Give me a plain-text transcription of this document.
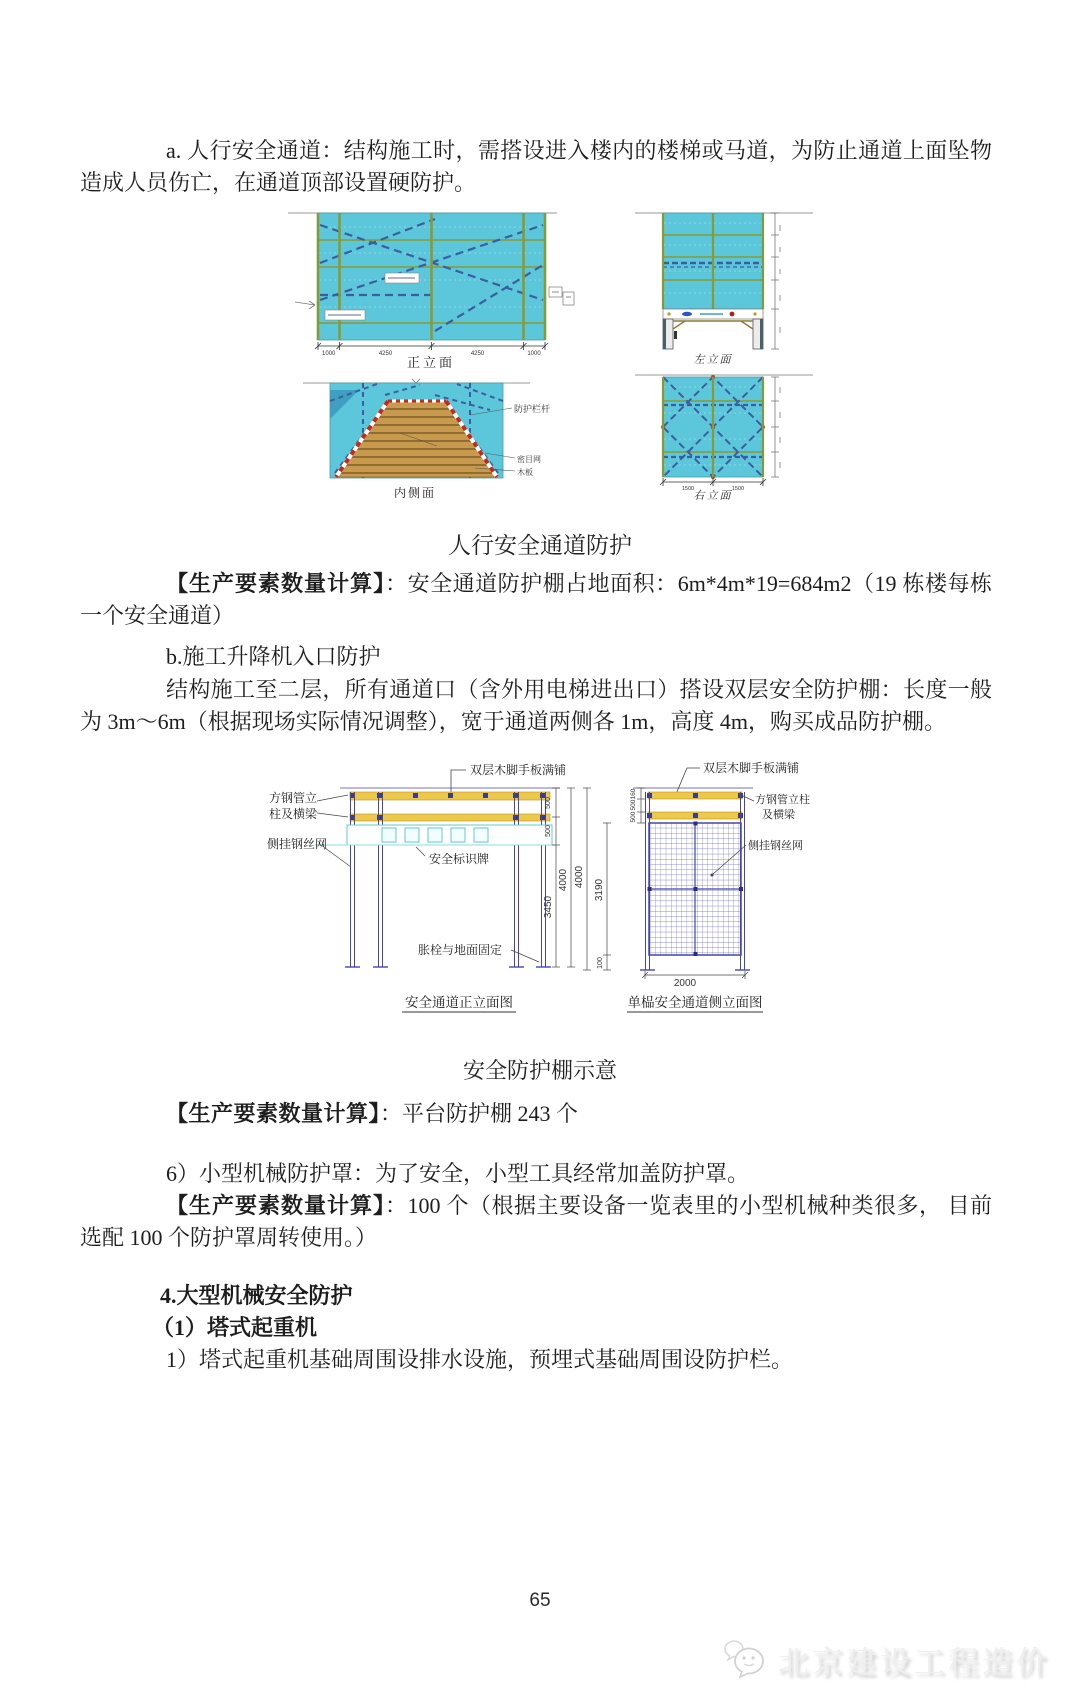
a. 人行安全通道：结构施工时，需搭设进入楼内的楼梯或马道，为防止通道上面坠物造成人员伤亡，在通道顶部设置硬防护。

1000	4250	4250	1000
正立面
防护栏杆
密目网
木板
内侧面
左立面
1500	1500
右立面

人行安全通道防护

【生产要素数量计算】：安全通道防护棚占地面积：6m*4m*19=684m2（19 栋楼每栋一个安全通道）

b.施工升降机入口防护

结构施工至二层，所有通道口（含外用电梯进出口）搭设双层安全防护棚：长度一般为 3m～6m（根据现场实际情况调整），宽于通道两侧各 1m，高度 4m，购买成品防护棚。

双层木脚手板满铺
方钢管立
柱及横梁
侧挂钢丝网
安全标识牌
胀栓与地面固定
500
500
3450
4000
安全通道正立面图
双层木脚手板满铺
方钢管立柱
及横梁
侧挂钢丝网
160
500
500
4000
3190
100
2000
单榀安全通道侧立面图

安全防护棚示意

【生产要素数量计算】：平台防护棚 243 个

6）小型机械防护罩：为了安全，小型工具经常加盖防护罩。

【生产要素数量计算】：100 个（根据主要设备一览表里的小型机械种类很多， 目前选配 100 个防护罩周转使用。）

4.大型机械安全防护

（1）塔式起重机

1）塔式起重机基础周围设排水设施，预埋式基础周围设防护栏。

65
北京建设工程造价
